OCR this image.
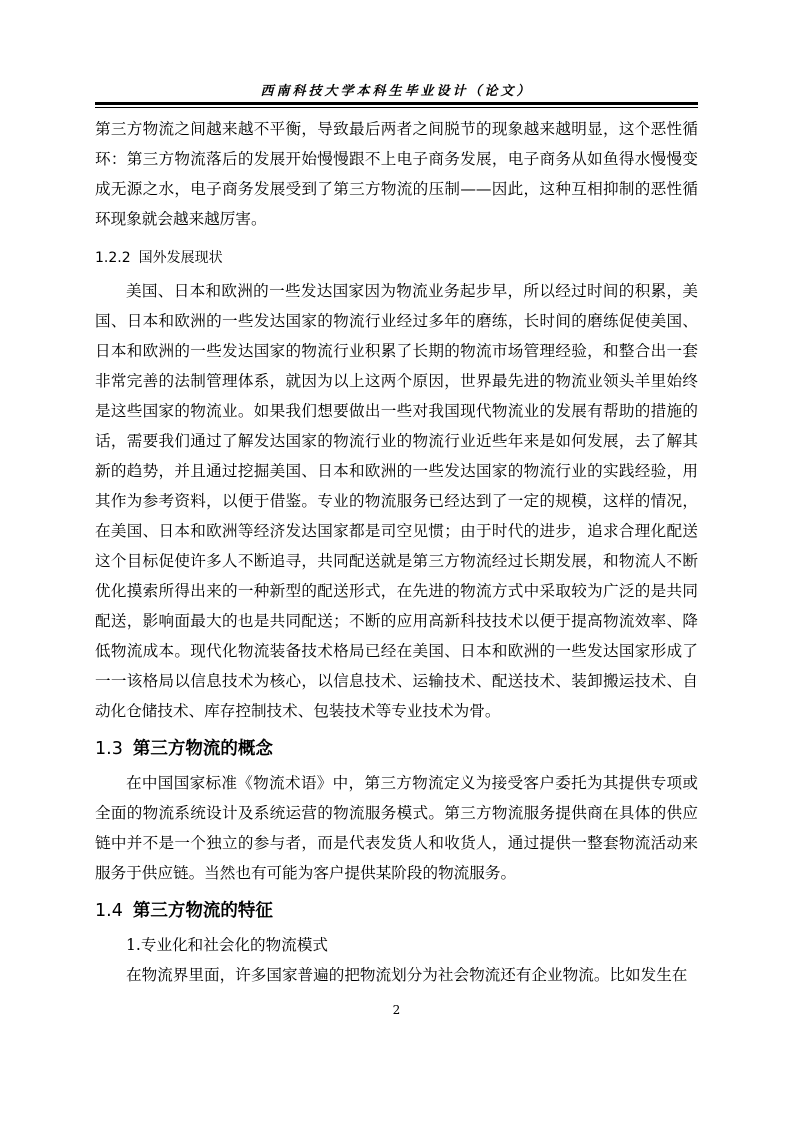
西南科技大学本科生毕业设计（论文）

第三方物流之间越来越不平衡，导致最后两者之间脱节的现象越来越明显，这个恶性循环：第三方物流落后的发展开始慢慢跟不上电子商务发展，电子商务从如鱼得水慢慢变成无源之水，电子商务发展受到了第三方物流的压制——因此，这种互相抑制的恶性循环现象就会越来越厉害。

1.2.2 国外发展现状

美国、日本和欧洲的一些发达国家因为物流业务起步早，所以经过时间的积累，美国、日本和欧洲的一些发达国家的物流行业经过多年的磨练，长时间的磨练促使美国、日本和欧洲的一些发达国家的物流行业积累了长期的物流市场管理经验，和整合出一套非常完善的法制管理体系，就因为以上这两个原因，世界最先进的物流业领头羊里始终是这些国家的物流业。如果我们想要做出一些对我国现代物流业的发展有帮助的措施的话，需要我们通过了解发达国家的物流行业的物流行业近些年来是如何发展，去了解其新的趋势，并且通过挖掘美国、日本和欧洲的一些发达国家的物流行业的实践经验，用其作为参考资料，以便于借鉴。专业的物流服务已经达到了一定的规模，这样的情况，在美国、日本和欧洲等经济发达国家都是司空见惯；由于时代的进步，追求合理化配送这个目标促使许多人不断追寻，共同配送就是第三方物流经过长期发展，和物流人不断优化摸索所得出来的一种新型的配送形式，在先进的物流方式中采取较为广泛的是共同配送，影响面最大的也是共同配送；不断的应用高新科技技术以便于提高物流效率、降低物流成本。现代化物流装备技术格局已经在美国、日本和欧洲的一些发达国家形成了一一该格局以信息技术为核心，以信息技术、运输技术、配送技术、装卸搬运技术、自动化仓储技术、库存控制技术、包装技术等专业技术为骨。

1.3 第三方物流的概念

在中国国家标准《物流术语》中，第三方物流定义为接受客户委托为其提供专项或全面的物流系统设计及系统运营的物流服务模式。第三方物流服务提供商在具体的供应链中并不是一个独立的参与者，而是代表发货人和收货人，通过提供一整套物流活动来服务于供应链。当然也有可能为客户提供某阶段的物流服务。

1.4 第三方物流的特征

1.专业化和社会化的物流模式

在物流界里面，许多国家普遍的把物流划分为社会物流还有企业物流。比如发生在

2
